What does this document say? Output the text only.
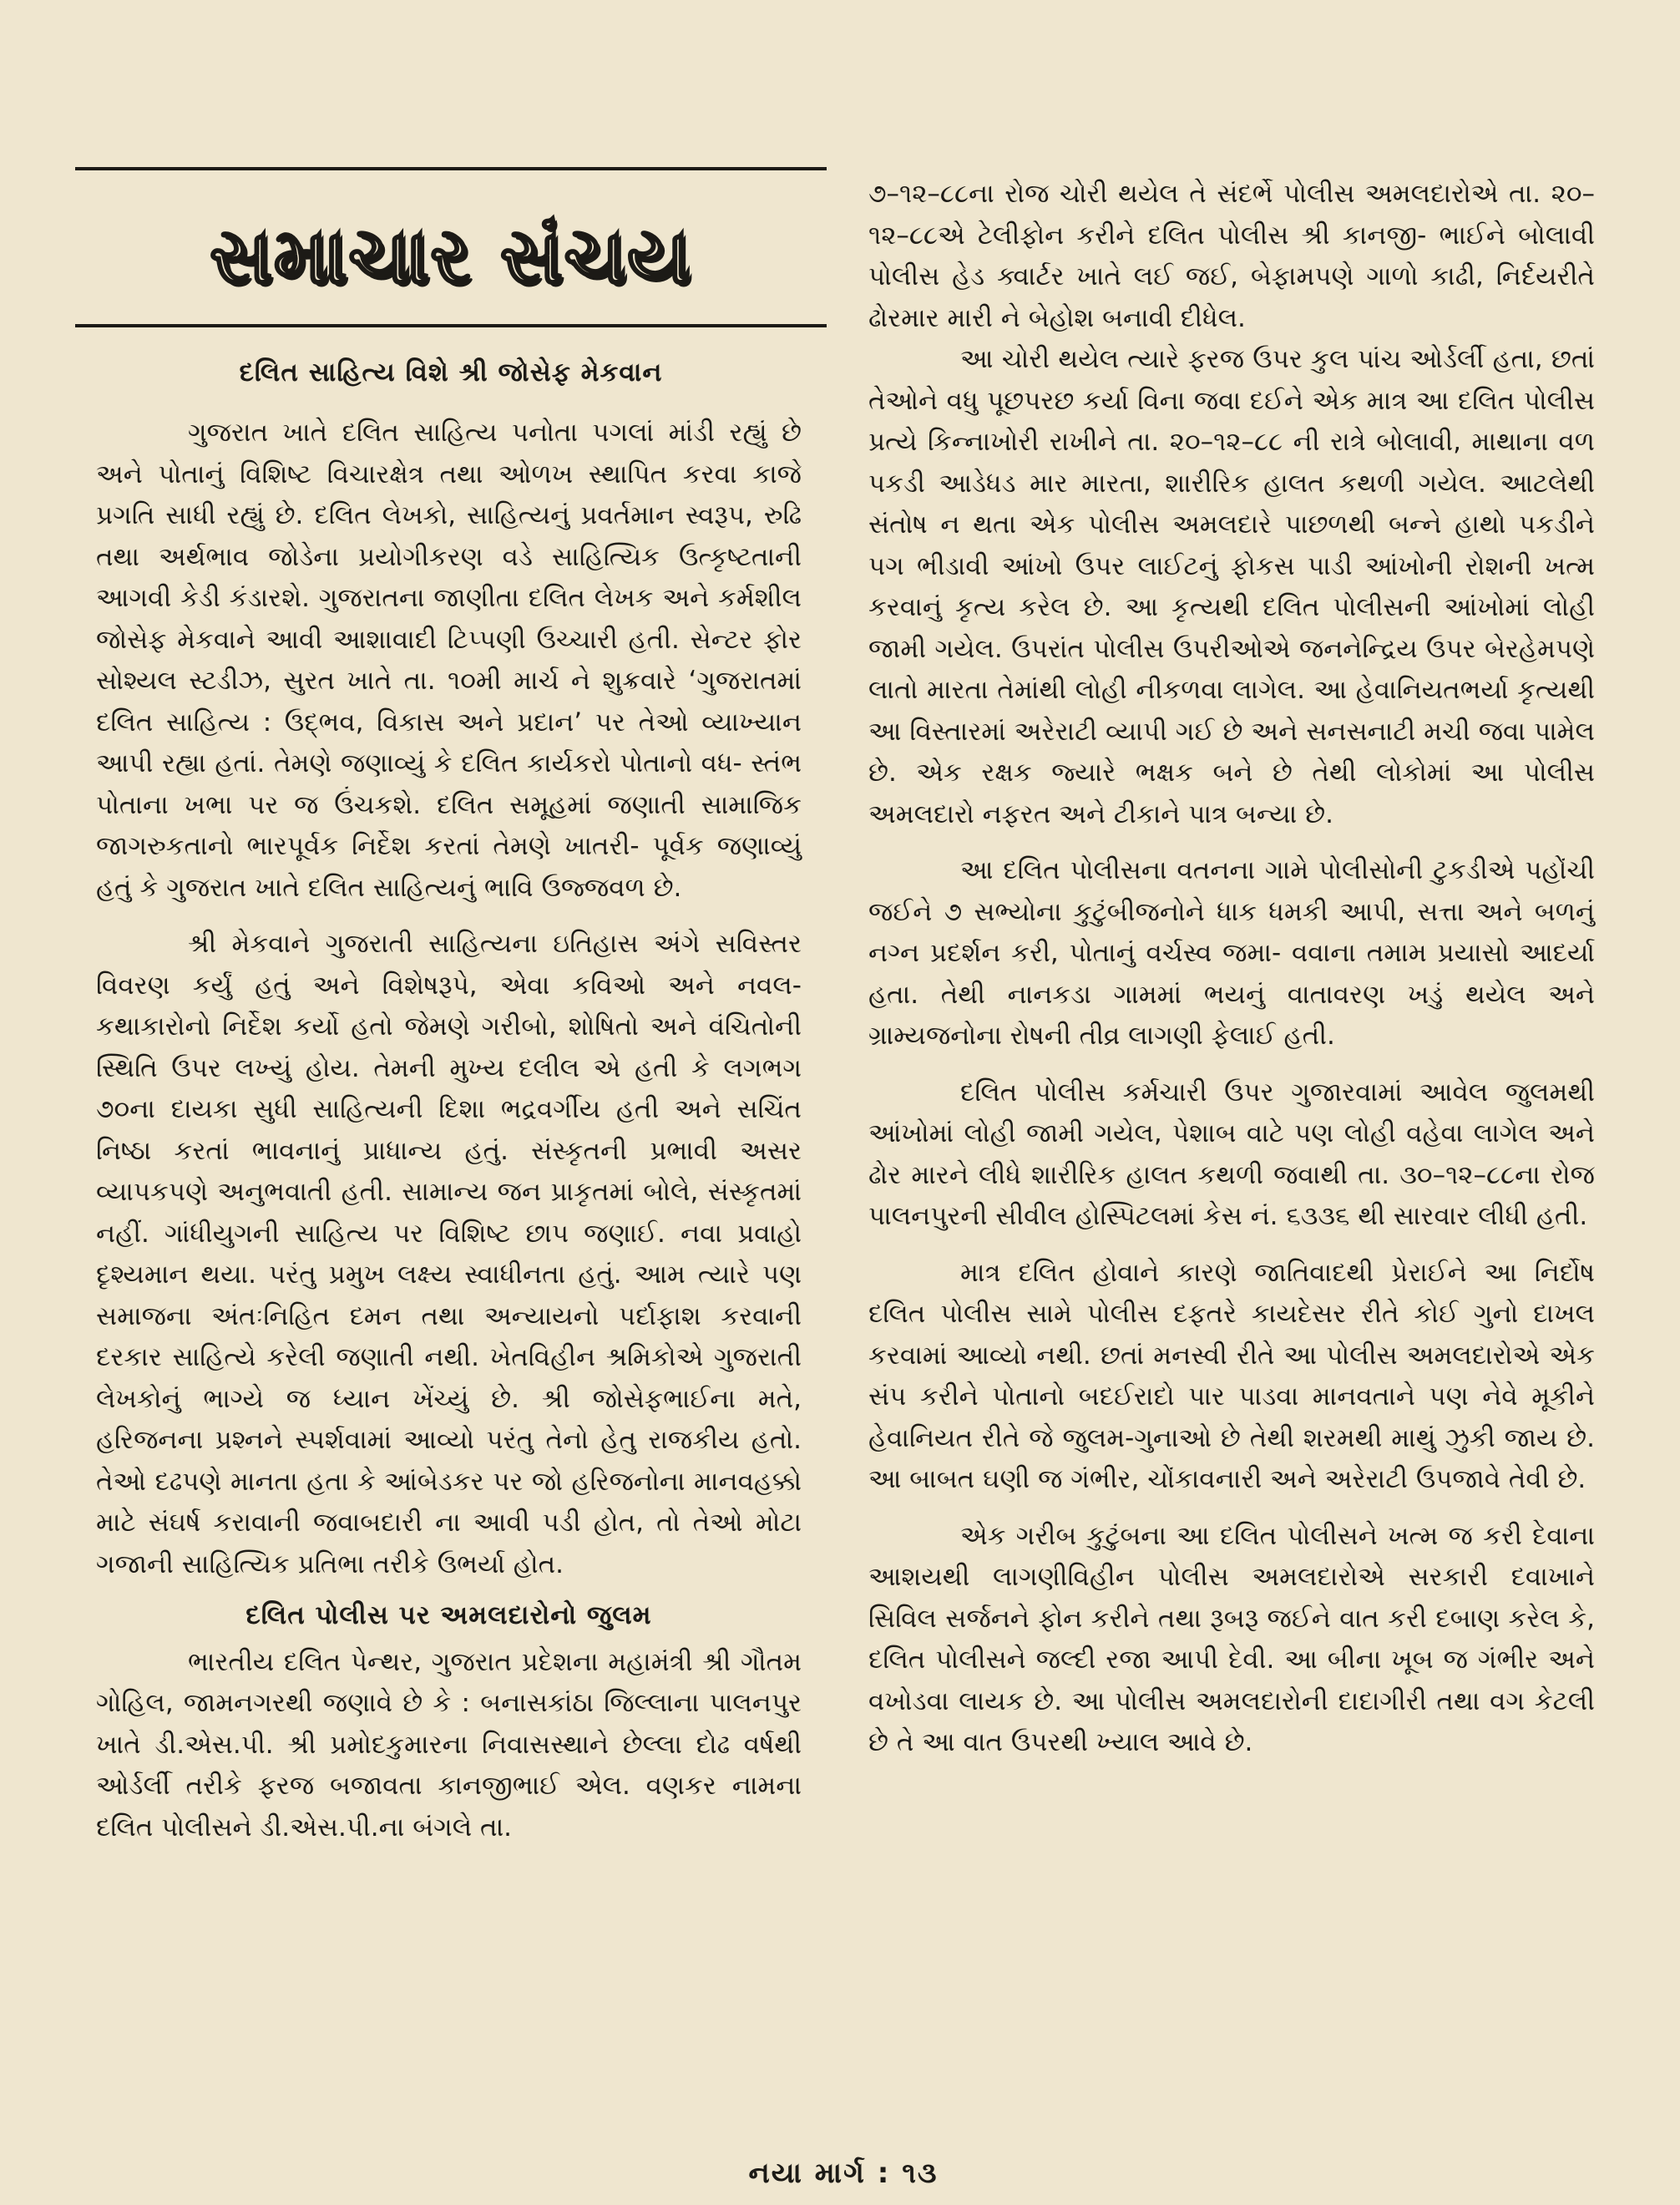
સમાચાર સંચય
દલિત સાહિત્ય વિશે શ્રી જોસેફ મેકવાન

ગુજરાત ખાતે દલિત સાહિત્ય પનોતા પગલાં માંડી રહ્યું છે અને પોતાનું વિશિષ્ટ વિચારક્ષેત્ર તથા ઓળખ સ્થાપિત કરવા કાજે પ્રગતિ સાધી રહ્યું છે. દલિત લેખકો, સાહિત્યનું પ્રવર્તમાન સ્વરૂપ, રુઢિ તથા અર્થભાવ જોડેના પ્રયોગીકરણ વડે સાહિત્યિક ઉત્કૃષ્ટતાની આગવી કેડી કંડારશે. ગુજરાતના જાણીતા દલિત લેખક અને કર્મશીલ જોસેફ મેકવાને આવી આશાવાદી ટિપ્પણી ઉચ્ચારી હતી. સેન્ટર ફોર સોશ્યલ સ્ટડીઝ, સુરત ખાતે તા. ૧૦મી માર્ચ ને શુક્રવારે ‘ગુજરાતમાં દલિત સાહિત્ય : ઉદ્ભવ, વિકાસ અને પ્રદાન’ પર તેઓ વ્યાખ્યાન આપી રહ્યા હતાં. તેમણે જણાવ્યું કે દલિત કાર્યકરો પોતાનો વધ- સ્તંભ પોતાના ખભા પર જ ઉંચકશે. દલિત સમૂહમાં જણાતી સામાજિક જાગરુકતાનો ભારપૂર્વક નિર્દેશ કરતાં તેમણે ખાતરી- પૂર્વક જણાવ્યું હતું કે ગુજરાત ખાતે દલિત સાહિત્યનું ભાવિ ઉજ્જવળ છે.

શ્રી મેકવાને ગુજરાતી સાહિત્યના ઇતિહાસ અંગે સવિસ્તર વિવરણ કર્યું હતું અને વિશેષરૂપે, એવા કવિઓ અને નવલ- કથાકારોનો નિર્દેશ કર્યો હતો જેમણે ગરીબો, શોષિતો અને વંચિતોની સ્થિતિ ઉપર લખ્યું હોય. તેમની મુખ્ય દલીલ એ હતી કે લગભગ ૭૦ના દાયકા સુધી સાહિત્યની દિશા ભદ્રવર્ગીય હતી અને સચિંત નિષ્ઠા કરતાં ભાવનાનું પ્રાધાન્ય હતું. સંસ્કૃતની પ્રભાવી અસર વ્યાપકપણે અનુભવાતી હતી. સામાન્ય જન પ્રાકૃતમાં બોલે, સંસ્કૃતમાં નહીં. ગાંધીયુગની સાહિત્ય પર વિશિષ્ટ છાપ જણાઈ. નવા પ્રવાહો દૃશ્યમાન થયા. પરંતુ પ્રમુખ લક્ષ્ય સ્વાધીનતા હતું. આમ ત્યારે પણ સમાજના અંતઃનિહિત દમન તથા અન્યાયનો પર્દાફાશ કરવાની દરકાર સાહિત્યે કરેલી જણાતી નથી. ખેતવિહીન શ્રમિકોએ ગુજરાતી લેખકોનું ભાગ્યે જ ધ્યાન ખેંચ્યું છે. શ્રી જોસેફભાઈના મતે, હરિજનના પ્રશ્નને સ્પર્શવામાં આવ્યો પરંતુ તેનો હેતુ રાજકીય હતો. તેઓ દઢપણે માનતા હતા કે આંબેડકર પર જો હરિજનોના માનવહક્કો માટે સંઘર્ષ કરાવાની જવાબદારી ના આવી પડી હોત, તો તેઓ મોટા ગજાની સાહિત્યિક પ્રતિભા તરીકે ઉભર્યા હોત.

દલિત પોલીસ પર અમલદારોનો જુલમ

ભારતીય દલિત પેન્થર, ગુજરાત પ્રદેશના મહામંત્રી શ્રી ગૌતમ ગોહિલ, જામનગરથી જણાવે છે કે : બનાસકાંઠા જિલ્લાના પાલનપુર ખાતે ડી.એસ.પી. શ્રી પ્રમોદકુમારના નિવાસસ્થાને છેલ્લા દોઢ વર્ષથી ઓર્ડર્લી તરીકે ફરજ બજાવતા કાનજીભાઈ એલ. વણકર નામના દલિત પોલીસને ડી.એસ.પી.ના બંગલે તા.

૭–૧૨–૮૮ના રોજ ચોરી થયેલ તે સંદર્ભે પોલીસ અમલદારોએ તા. ૨૦–૧૨–૮૮એ ટેલીફોન કરીને દલિત પોલીસ શ્રી કાનજી- ભાઈને બોલાવી પોલીસ હેડ ક્વાર્ટર ખાતે લઈ જઈ, બેફામપણે ગાળો કાઢી, નિર્દયરીતે ઢોરમાર મારી ને બેહોશ બનાવી દીધેલ.

આ ચોરી થયેલ ત્યારે ફરજ ઉપર કુલ પાંચ ઓર્ડર્લી હતા, છતાં તેઓને વધુ પૂછપરછ કર્યા વિના જવા દઈને એક માત્ર આ દલિત પોલીસ પ્રત્યે કિન્નાખોરી રાખીને તા. ૨૦–૧૨–૮૮ ની રાત્રે બોલાવી, માથાના વળ પકડી આડેધડ માર મારતા, શારીરિક હાલત કથળી ગયેલ. આટલેથી સંતોષ ન થતા એક પોલીસ અમલદારે પાછળથી બન્ને હાથો પકડીને પગ ભીડાવી આંખો ઉપર લાઈટનું ફોકસ પાડી આંખોની રોશની ખત્મ કરવાનું કૃત્ય કરેલ છે. આ કૃત્યથી દલિત પોલીસની આંખોમાં લોહી જામી ગયેલ. ઉપરાંત પોલીસ ઉપરીઓએ જનનેન્દ્રિય ઉપર બેરહેમપણે લાતો મારતા તેમાંથી લોહી નીકળવા લાગેલ. આ હેવાનિયતભર્યા કૃત્યથી આ વિસ્તારમાં અરેરાટી વ્યાપી ગઈ છે અને સનસનાટી મચી જવા પામેલ છે. એક રક્ષક જ્યારે ભક્ષક બને છે તેથી લોકોમાં આ પોલીસ અમલદારો નફરત અને ટીકાને પાત્ર બન્યા છે.

આ દલિત પોલીસના વતનના ગામે પોલીસોની ટુકડીએ પહોંચી જઈને ૭ સભ્યોના કુટુંબીજનોને ધાક ધમકી આપી, સત્તા અને બળનું નગ્ન પ્રદર્શન કરી, પોતાનું વર્ચસ્વ જમા- વવાના તમામ પ્રયાસો આદર્યા હતા. તેથી નાનકડા ગામમાં ભયનું વાતાવરણ ખડું થયેલ અને ગ્રામ્યજનોના રોષની તીવ્ર લાગણી ફેલાઈ હતી.

દલિત પોલીસ કર્મચારી ઉપર ગુજારવામાં આવેલ જુલમથી આંખોમાં લોહી જામી ગયેલ, પેશાબ વાટે પણ લોહી વહેવા લાગેલ અને ઢોર મારને લીધે શારીરિક હાલત કથળી જવાથી તા. ૩૦–૧૨–૮૮ના રોજ પાલનપુરની સીવીલ હોસ્પિટલમાં કેસ નં. ૬૩૩૬ થી સારવાર લીધી હતી.

માત્ર દલિત હોવાને કારણે જાતિવાદથી પ્રેરાઈને આ નિર્દોષ દલિત પોલીસ સામે પોલીસ દફતરે કાયદેસર રીતે કોઈ ગુનો દાખલ કરવામાં આવ્યો નથી. છતાં મનસ્વી રીતે આ પોલીસ અમલદારોએ એક સંપ કરીને પોતાનો બદઈરાદો પાર પાડવા માનવતાને પણ નેવે મૂકીને હેવાનિયત રીતે જે જુલમ-ગુનાઓ છે તેથી શરમથી માથું ઝુકી જાય છે. આ બાબત ઘણી જ ગંભીર, ચોંકાવનારી અને અરેરાટી ઉપજાવે તેવી છે.

એક ગરીબ કુટુંબના આ દલિત પોલીસને ખત્મ જ કરી દેવાના આશયથી લાગણીવિહીન પોલીસ અમલદારોએ સરકારી દવાખાને સિવિલ સર્જનને ફોન કરીને તથા રૂબરૂ જઈને વાત કરી દબાણ કરેલ કે, દલિત પોલીસને જલ્દી રજા આપી દેવી. આ બીના ખૂબ જ ગંભીર અને વખોડવા લાયક છે. આ પોલીસ અમલદારોની દાદાગીરી તથા વગ કેટલી છે તે આ વાત ઉપરથી ખ્યાલ આવે છે.

નયા માર્ગ : ૧૩
